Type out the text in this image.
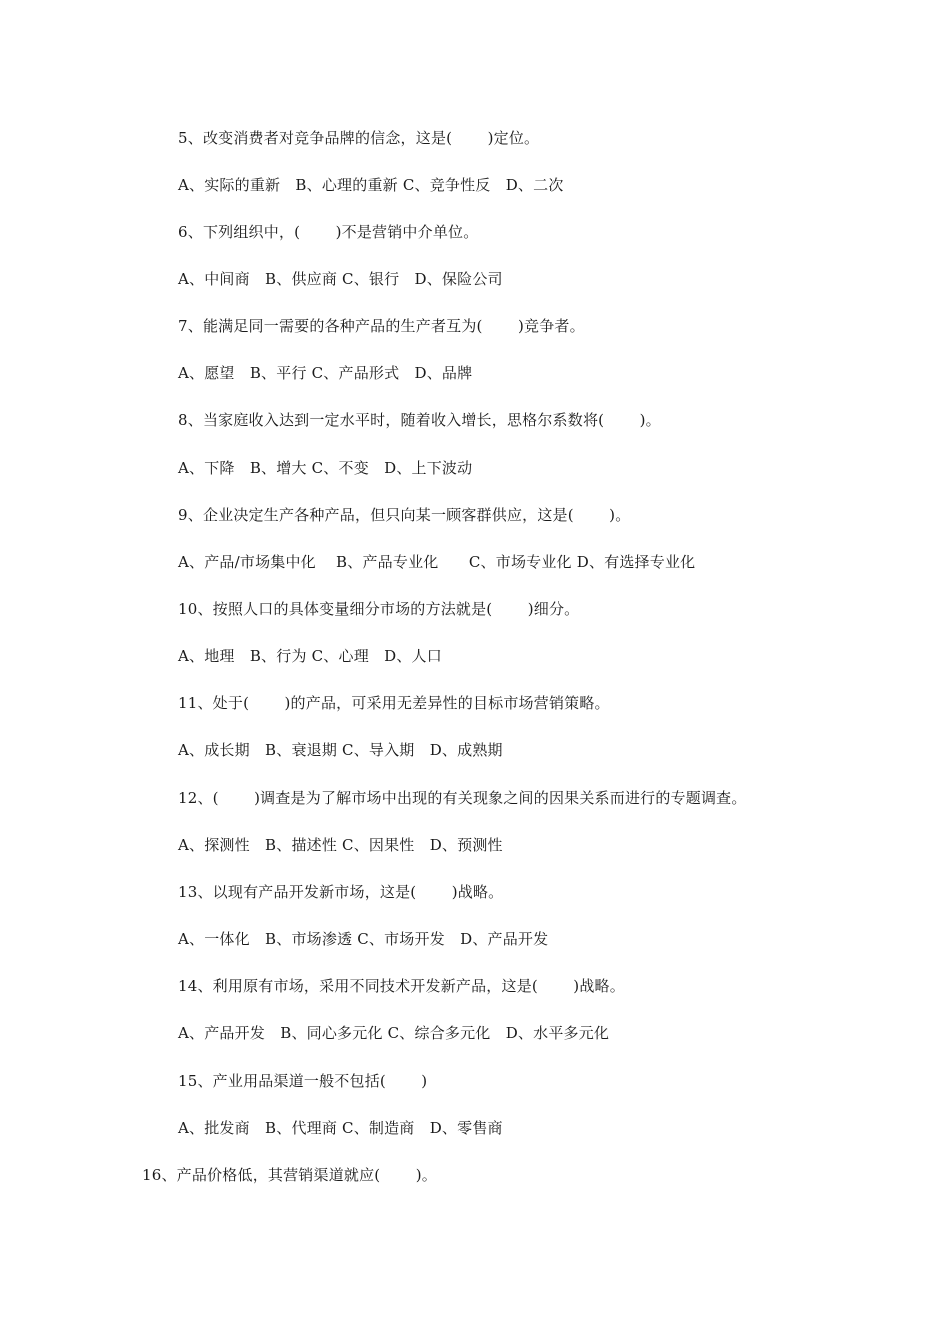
5、改变消费者对竞争品牌的信念，这是(　 　)定位。
A、实际的重新　B、心理的重新 C、竞争性反　D、二次
6、下列组织中，(　 　)不是营销中介单位。
A、中间商　B、供应商 C、银行　D、保险公司
7、能满足同一需要的各种产品的生产者互为(　 　)竞争者。
A、愿望　B、平行 C、产品形式　D、品牌
8、当家庭收入达到一定水平时，随着收入增长，思格尔系数将(　 　)。
A、下降　B、增大 C、不变　D、上下波动
9、企业决定生产各种产品，但只向某一顾客群供应，这是(　 　)。
A、产品/市场集中化　 B、产品专业化　　C、市场专业化 D、有选择专业化
10、按照人口的具体变量细分市场的方法就是(　 　)细分。
A、地理　B、行为 C、心理　D、人口
11、处于(　 　)的产品，可采用无差异性的目标市场营销策略。
A、成长期　B、衰退期 C、导入期　D、成熟期
12、(　 　)调查是为了解市场中出现的有关现象之间的因果关系而进行的专题调查。
A、探测性　B、描述性 C、因果性　D、预测性
13、以现有产品开发新市场，这是(　 　)战略。
A、一体化　B、市场渗透 C、市场开发　D、产品开发
14、利用原有市场，采用不同技术开发新产品，这是(　 　)战略。
A、产品开发　B、同心多元化 C、综合多元化　D、水平多元化
15、产业用品渠道一般不包括(　 　)
A、批发商　B、代理商 C、制造商　D、零售商
16、产品价格低，其营销渠道就应(　 　)。
